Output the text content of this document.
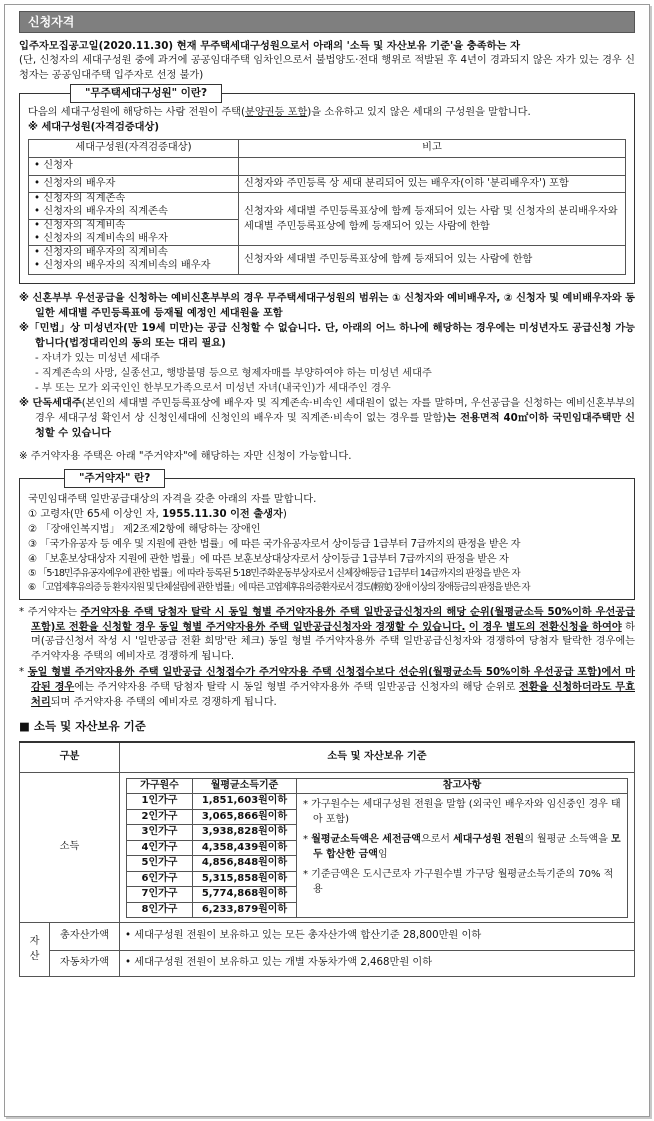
신청자격
입주자모집공고일(2020.11.30) 현재 무주택세대구성원으로서 아래의 '소득 및 자산보유 기준'을 충족하는 자
(단, 신청자의 세대구성원 중에 과거에 공공임대주택 임차인으로서 불법양도·전대 행위로 적발된 후 4년이 경과되지 않은 자가 있는 경우 신청자는 공공임대주택 입주자로 선정 불가)
"무주택세대구성원" 이란?
다음의 세대구성원에 해당하는 사람 전원이 주택(분양권등 포함)을 소유하고 있지 않은 세대의 구성원을 말합니다.
※ 세대구성원(자격검증대상)
세대구성원(자격검증대상)	비고
• 신청자	
• 신청자의 배우자	신청자와 주민등록 상 세대 분리되어 있는 배우자(이하 '분리배우자') 포함

• 신청자의 직계존속
• 신청자의 배우자의 직계존속
• 신청자의 직계비속
• 신청자의 직계비속의 배우자	신청자와 세대별 주민등록표상에 함께 등재되어 있는 사람 및 신청자의 분리배우자와 세대별 주민등록표상에 함께 등재되어 있는 사람에 한함

• 신청자의 배우자의 직계비속
• 신청자의 배우자의 직계비속의 배우자	신청자와 세대별 주민등록표상에 함께 등재되어 있는 사람에 한함
※ 신혼부부 우선공급을 신청하는 예비신혼부부의 경우 무주택세대구성원의 범위는 ① 신청자와 예비배우자, ② 신청자 및 예비배우자와 동일한 세대별 주민등록표에 등재될 예정인 세대원을 포함
※「민법」상 미성년자(만 19세 미만)는 공급 신청할 수 없습니다. 단, 아래의 어느 하나에 해당하는 경우에는 미성년자도 공급신청 가능합니다(법정대리인의 동의 또는 대리 필요)
- 자녀가 있는 미성년 세대주
- 직계존속의 사망, 실종선고, 행방불명 등으로 형제자매를 부양하여야 하는 미성년 세대주
- 부 또는 모가 외국인인 한부모가족으로서 미성년 자녀(내국인)가 세대주인 경우
※ 단독세대주(본인의 세대별 주민등록표상에 배우자 및 직계존속·비속인 세대원이 없는 자를 말하며, 우선공급을 신청하는 예비신혼부부의 경우 세대구성 확인서 상 신청인세대에 신청인의 배우자 및 직계존·비속이 없는 경우를 말함)는 전용면적 40㎡이하 국민임대주택만 신청할 수 있습니다
※ 주거약자용 주택은 아래 "주거약자"에 해당하는 자만 신청이 가능합니다.
"주거약자" 란?
국민임대주택 일반공급대상의 자격을 갖춘 아래의 자를 말합니다.
① 고령자(만 65세 이상인 자, 1955.11.30 이전 출생자)
② 「장애인복지법」 제2조제2항에 해당하는 장애인
③ 「국가유공자 등 예우 및 지원에 관한 법률」에 따른 국가유공자로서 상이등급 1급부터 7급까지의 판정을 받은 자
④ 「보훈보상대상자 지원에 관한 법률」에 따른 보훈보상대상자로서 상이등급 1급부터 7급까지의 판정을 받은 자
⑤ 「5·18민주유공자예우에 관한 법률」에 따라 등록된 5·18민주화운동부상자로서 신체장해등급 1급부터 14급까지의 판정을 받은 자
⑥ 「고엽제후유의증 등 환자지원 및 단체설립에 관한 법률」에 따른 고엽제후유의증환자로서 경도(輕度) 장애 이상의 장애등급의 판정을 받은 자
* 주거약자는 주거약자용 주택 당첨자 탈락 시 동일 형별 주거약자용外 주택 일반공급신청자의 해당 순위(월평균소득 50%이하 우선공급 포함)로 전환을 신청할 경우 동일 형별 주거약자용外 주택 일반공급신청자와 경쟁할 수 있습니다. 이 경우 별도의 전환신청을 하여야 하며(공급신청서 작성 시 '일반공급 전환 희망'란 체크) 동일 형별 주거약자용外 주택 일반공급신청자와 경쟁하여 당첨자 탈락한 경우에는 주거약자용 주택의 예비자로 경쟁하게 됩니다.
* 동일 형별 주거약자용外 주택 일반공급 신청접수가 주거약자용 주택 신청접수보다 선순위(월평균소득 50%이하 우선공급 포함)에서 마감된 경우에는 주거약자용 주택 당첨자 탈락 시 동일 형별 주거약자용外 주택 일반공급 신청자의 해당 순위로 전환을 신청하더라도 무효처리되며 주거약자용 주택의 예비자로 경쟁하게 됩니다.
■ 소득 및 자산보유 기준
구분	소득 및 자산보유 기준
소득	
가구원수	월평균소득기준	참고사항
1인가구	1,851,603원이하	* 가구원수는 세대구성원 전원을 말함 (외국인 배우자와 임신중인 경우 태아 포함)
* 월평균소득액은 세전금액으로서 세대구성원 전원의 월평균 소득액을 모두 합산한 금액임
* 기준금액은 도시근로자 가구원수별 가구당 월평균소득기준의 70% 적용

2인가구	3,065,866원이하
3인가구	3,938,828원이하
4인가구	4,358,439원이하
5인가구	4,856,848원이하
6인가구	5,315,858원이하
7인가구	5,774,868원이하
8인가구	6,233,879원이하

자산	총자산가액	• 세대구성원 전원이 보유하고 있는 모든 총자산가액 합산기준 28,800만원 이하
자동차가액	• 세대구성원 전원이 보유하고 있는 개별 자동차가액 2,468만원 이하
